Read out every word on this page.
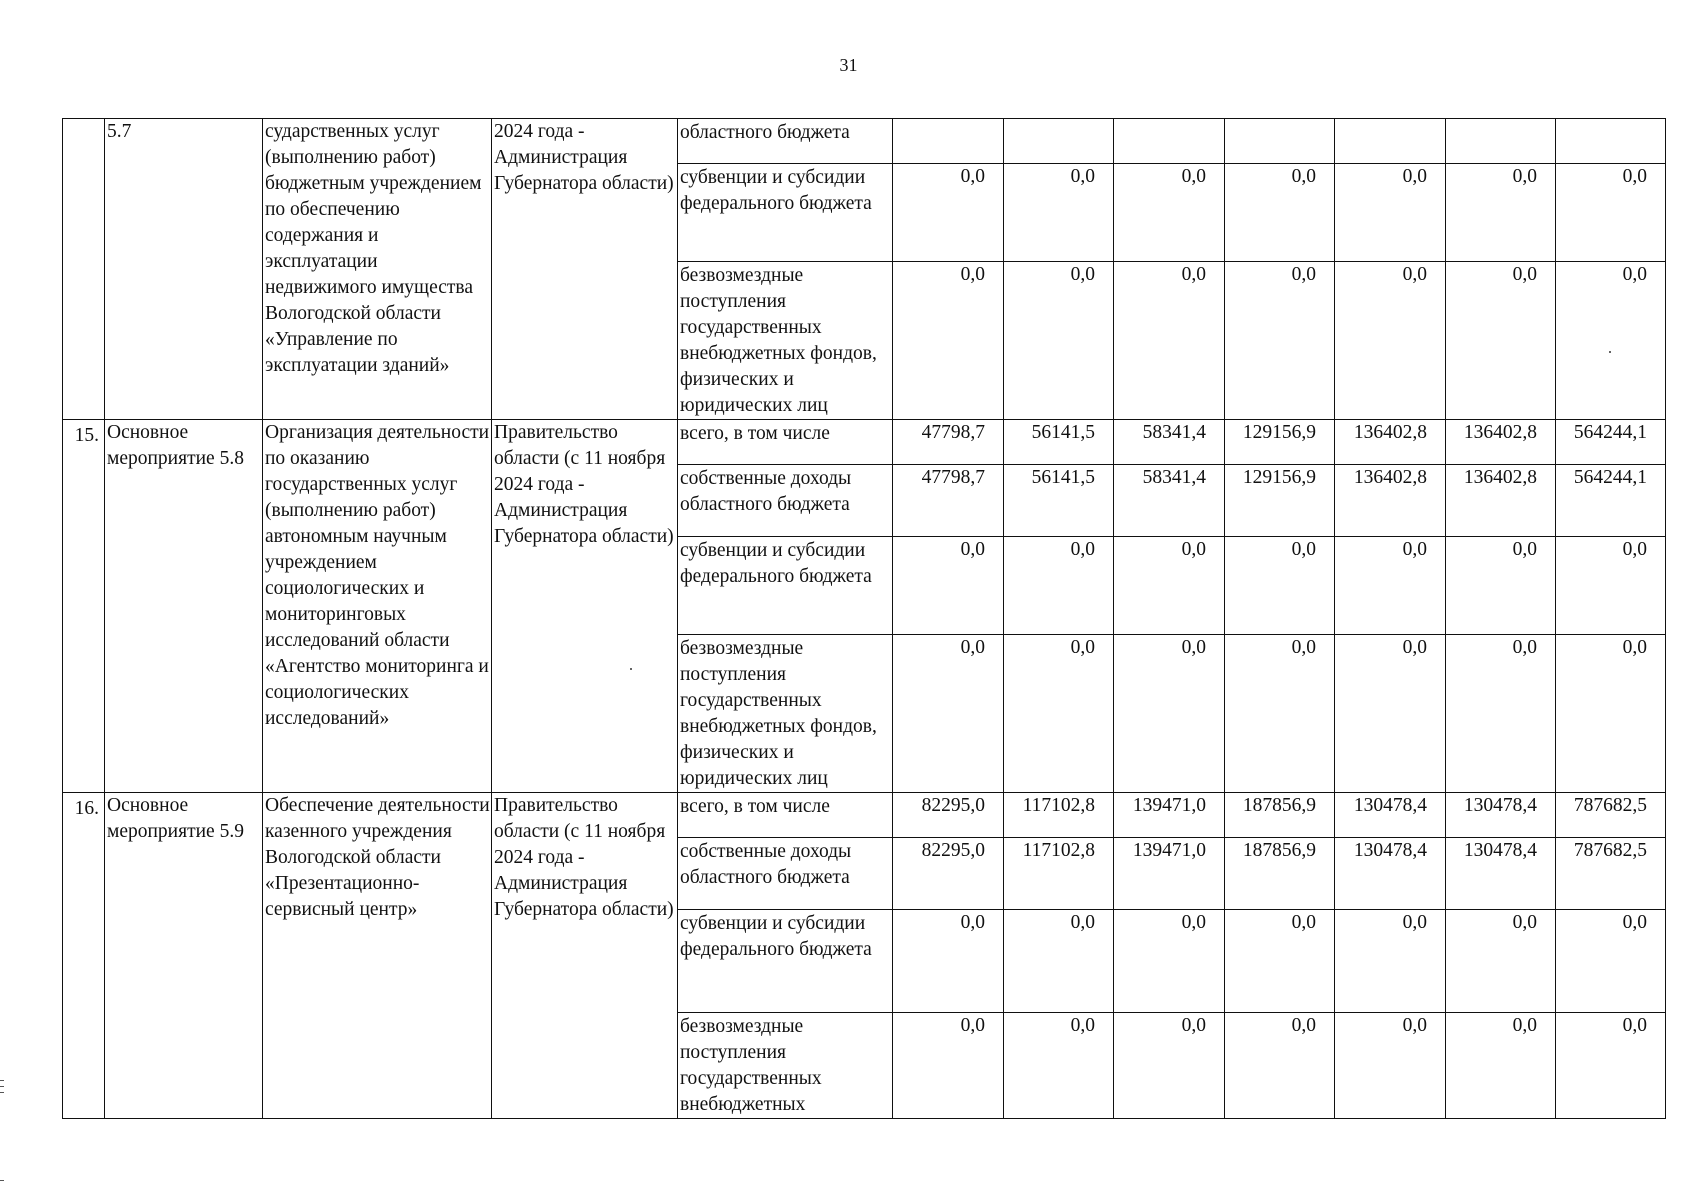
31
	5.7	сударственных услуг (выполнению работ) бюджетным учреждением по обеспечению содержания и эксплуатации недвижимого имущества Вологодской области «Управление по эксплуатации зданий»	2024 года - Администрация Губернатора области)	областного бюджета							
				субвенции и субсидии федерального бюджета	0,0	0,0	0,0	0,0	0,0	0,0	0,0
				безвозмездные поступления государственных внебюджетных фондов, физических и юридических лиц	0,0	0,0	0,0	0,0	0,0	0,0	0,0
15.	Основное мероприятие 5.8	Организация деятельности по оказанию государственных услуг (выполнению работ) автономным научным учреждением социологических и мониторинговых исследований области «Агентство мониторинга и социологических исследований»	Правительство области (с 11 ноября 2024 года - Администрация Губернатора области)	всего, в том числе	47798,7	56141,5	58341,4	129156,9	136402,8	136402,8	564244,1
				собственные доходы областного бюджета	47798,7	56141,5	58341,4	129156,9	136402,8	136402,8	564244,1
				субвенции и субсидии федерального бюджета	0,0	0,0	0,0	0,0	0,0	0,0	0,0
				безвозмездные поступления государственных внебюджетных фондов, физических и юридических лиц	0,0	0,0	0,0	0,0	0,0	0,0	0,0
16.	Основное мероприятие 5.9	Обеспечение деятельности казенного учреждения Вологодской области «Презентационно-сервисный центр»	Правительство области (с 11 ноября 2024 года - Администрация Губернатора области)	всего, в том числе	82295,0	117102,8	139471,0	187856,9	130478,4	130478,4	787682,5
				собственные доходы областного бюджета	82295,0	117102,8	139471,0	187856,9	130478,4	130478,4	787682,5
				субвенции и субсидии федерального бюджета	0,0	0,0	0,0	0,0	0,0	0,0	0,0
				безвозмездные поступления государственных внебюджетных	0,0	0,0	0,0	0,0	0,0	0,0	0,0
